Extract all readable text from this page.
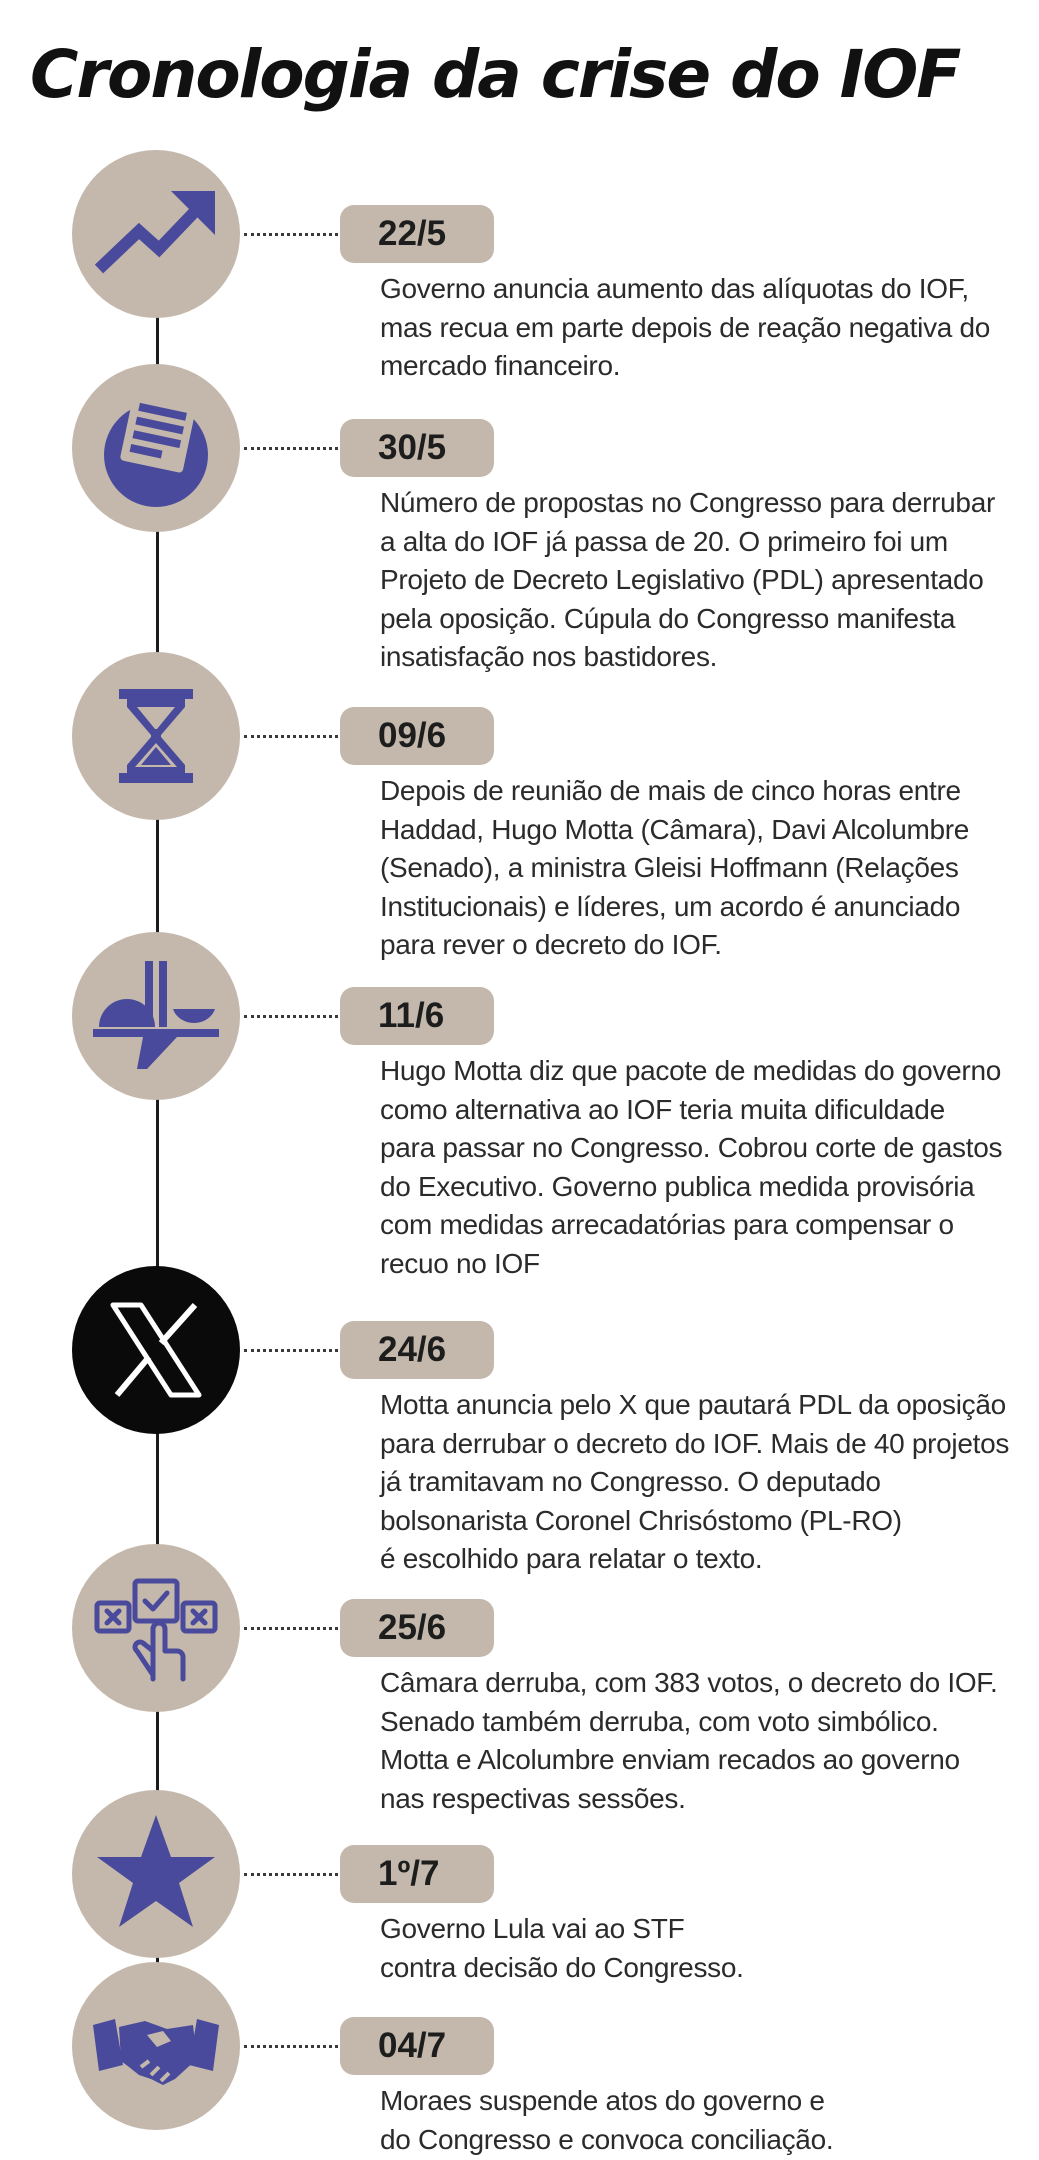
Cronologia da crise do IOF
22/5
Governo anuncia aumento das alíquotas do IOF,
mas recua em parte depois de reação negativa do
mercado financeiro.
30/5
Número de propostas no Congresso para derrubar
a alta do IOF já passa de 20. O primeiro foi um
Projeto de Decreto Legislativo (PDL) apresentado
pela oposição. Cúpula do Congresso manifesta
insatisfação nos bastidores.
09/6
Depois de reunião de mais de cinco horas entre
Haddad, Hugo Motta (Câmara), Davi Alcolumbre
(Senado), a ministra Gleisi Hoffmann (Relações
Institucionais) e líderes, um acordo é anunciado
para rever o decreto do IOF.
11/6
Hugo Motta diz que pacote de medidas do governo
como alternativa ao IOF teria muita dificuldade
para passar no Congresso. Cobrou corte de gastos
do Executivo. Governo publica medida provisória
com medidas arrecadatórias para compensar o
recuo no IOF
24/6
Motta anuncia pelo X que pautará PDL da oposição
para derrubar o decreto do IOF. Mais de 40 projetos
já tramitavam no Congresso. O deputado
bolsonarista Coronel Chrisóstomo (PL-RO)
é escolhido para relatar o texto.
25/6
Câmara derruba, com 383 votos, o decreto do IOF.
Senado também derruba, com voto simbólico.
Motta e Alcolumbre enviam recados ao governo
nas respectivas sessões.
1º/7
Governo Lula vai ao STF
contra decisão do Congresso.
04/7
Moraes suspende atos do governo e
do Congresso e convoca conciliação.
